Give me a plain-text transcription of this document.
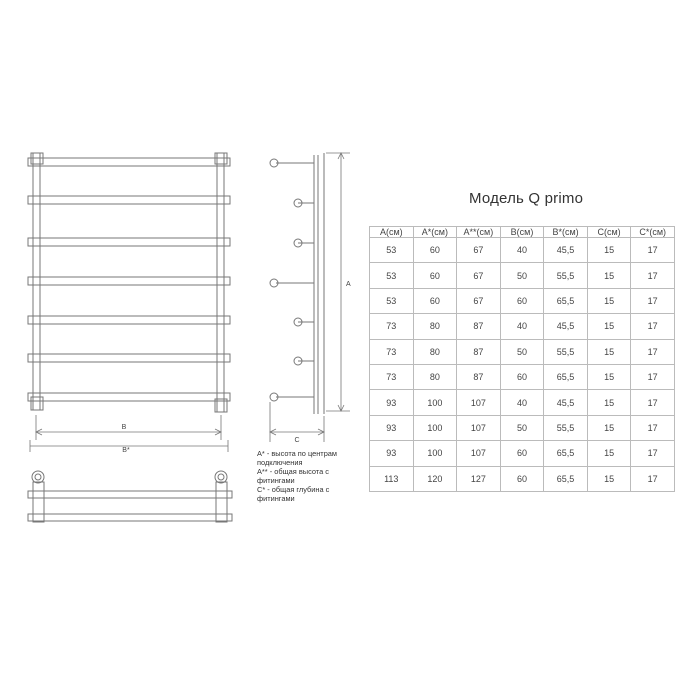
B
B*
A
C
A* - высота по центрам
подключения
A** - общая высота с
фитингами
C* - общая глубина с
фитингами
Модель Q primo
A(см)	A*(см)	A**(см)	B(см)	B*(см)	C(см)	C*(см)
53	60	67	40	45,5	15	17
53	60	67	50	55,5	15	17
53	60	67	60	65,5	15	17
73	80	87	40	45,5	15	17
73	80	87	50	55,5	15	17
73	80	87	60	65,5	15	17
93	100	107	40	45,5	15	17
93	100	107	50	55,5	15	17
93	100	107	60	65,5	15	17
113	120	127	60	65,5	15	17
